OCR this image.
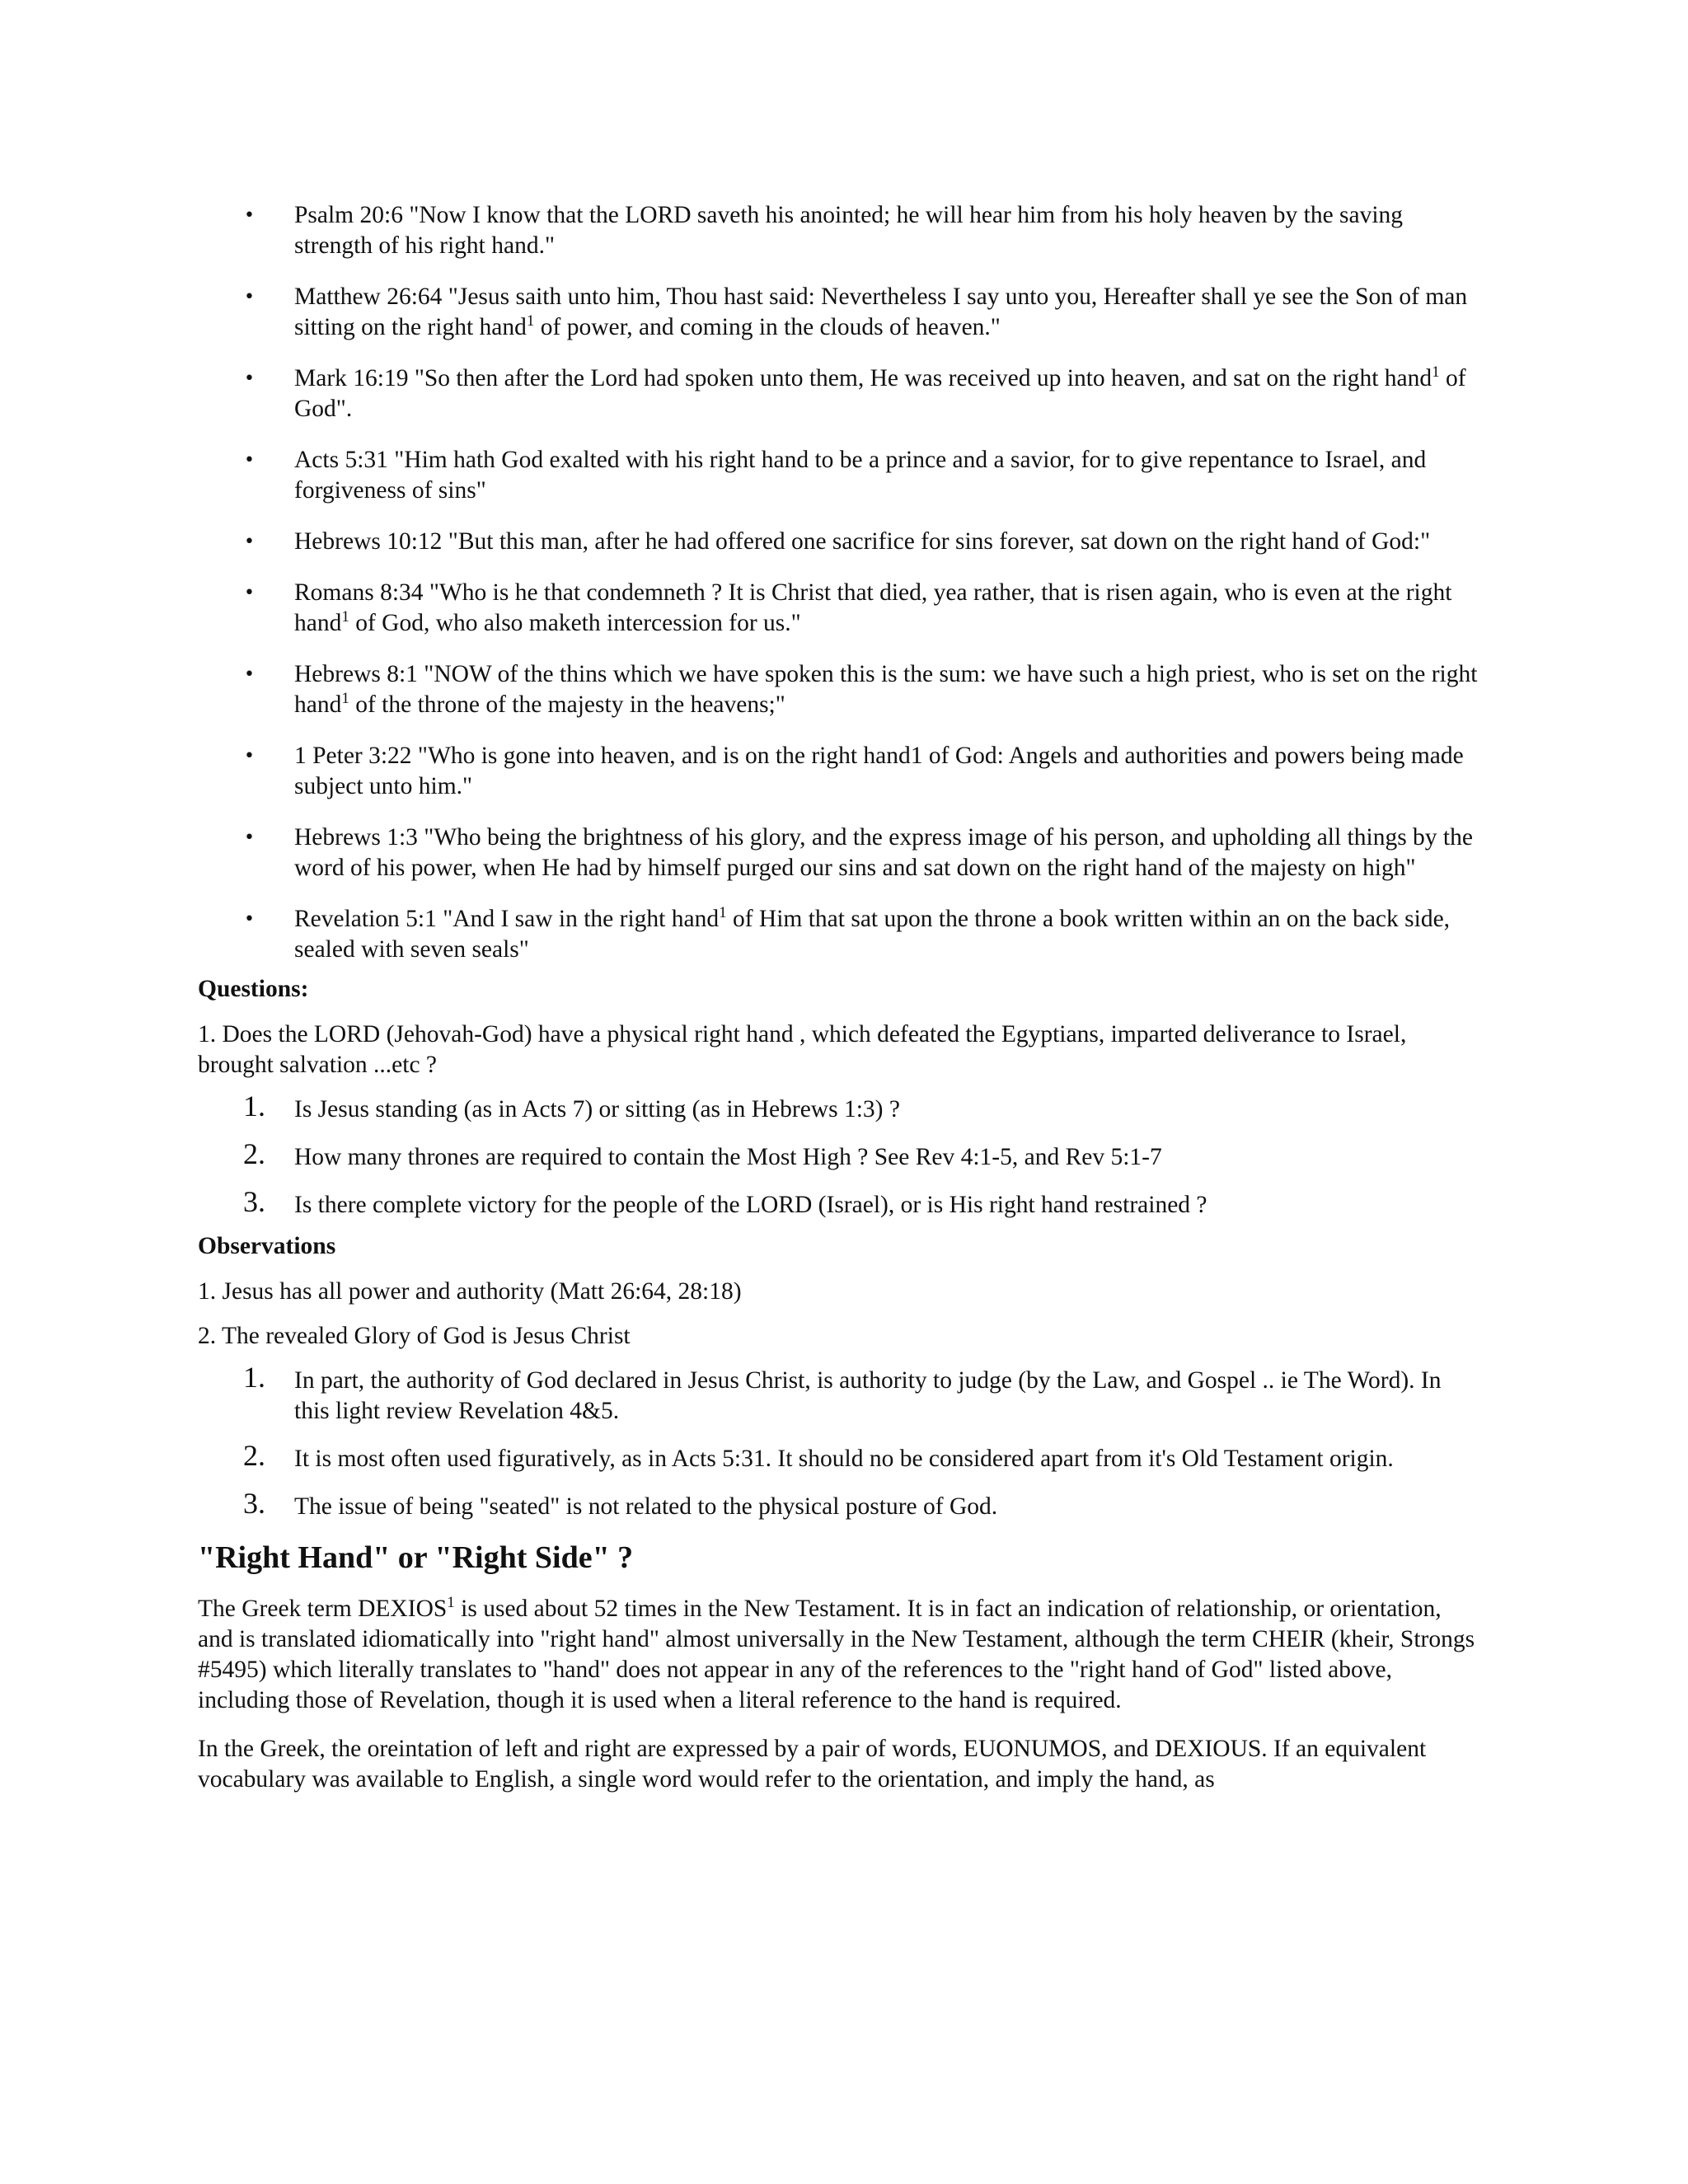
• Psalm 20:6 "Now I know that the LORD saveth his anointed; he will hear him from his holy heaven by the saving strength of his right hand."
• Matthew 26:64 "Jesus saith unto him, Thou hast said: Nevertheless I say unto you, Hereafter shall ye see the Son of man sitting on the right hand$^1$ of power, and coming in the clouds of heaven."
• Mark 16:19 "So then after the Lord had spoken unto them, He was received up into heaven, and sat on the right hand$^1$ of God".
• Acts 5:31 "Him hath God exalted with his right hand to be a prince and a savior, for to give repentance to Israel, and forgiveness of sins"
• Hebrews 10:12 "But this man, after he had offered one sacrifice for sins forever, sat down on the right hand of God:"
• Romans 8:34 "Who is he that condemneth ? It is Christ that died, yea rather, that is risen again, who is even at the right hand$^1$ of God, who also maketh intercession for us."
• Hebrews 8:1 "NOW of the thins which we have spoken this is the sum: we have such a high priest, who is set on the right hand$^1$ of the throne of the majesty in the heavens;"
• 1 Peter 3:22 "Who is gone into heaven, and is on the right hand1 of God: Angels and authorities and powers being made subject unto him."
• Hebrews 1:3 "Who being the brightness of his glory, and the express image of his person, and upholding all things by the word of his power, when He had by himself purged our sins and sat down on the right hand of the majesty on high"
• Revelation 5:1 "And I saw in the right hand$^1$ of Him that sat upon the throne a book written within an on the back side, sealed with seven seals"
Questions:

1. Does the LORD (Jehovah-God) have a physical right hand , which defeated the Egyptians, imparted deliverance to Israel, brought salvation ...etc ?

1. Is Jesus standing (as in Acts 7) or sitting (as in Hebrews 1:3) ?
2. How many thrones are required to contain the Most High ? See Rev 4:1-5, and Rev 5:1-7
3. Is there complete victory for the people of the LORD (Israel), or is His right hand restrained ?
Observations

1. Jesus has all power and authority (Matt 26:64, 28:18)

2. The revealed Glory of God is Jesus Christ

1. In part, the authority of God declared in Jesus Christ, is authority to judge (by the Law, and Gospel .. ie The Word). In this light review Revelation 4&5.
2. It is most often used figuratively, as in Acts 5:31. It should no be considered apart from it's Old Testament origin.
3. The issue of being "seated" is not related to the physical posture of God.
"Right Hand" or "Right Side" ?

The Greek term DEXIOS$^1$ is used about 52 times in the New Testament. It is in fact an indication of relationship, or orientation, and is translated idiomatically into "right hand" almost universally in the New Testament, although the term CHEIR (kheir, Strongs #5495) which literally translates to "hand" does not appear in any of the references to the "right hand of God" listed above, including those of Revelation, though it is used when a literal reference to the hand is required.

In the Greek, the oreintation of left and right are expressed by a pair of words, EUONUMOS, and DEXIOUS. If an equivalent vocabulary was available to English, a single word would refer to the orientation, and imply the hand, as
